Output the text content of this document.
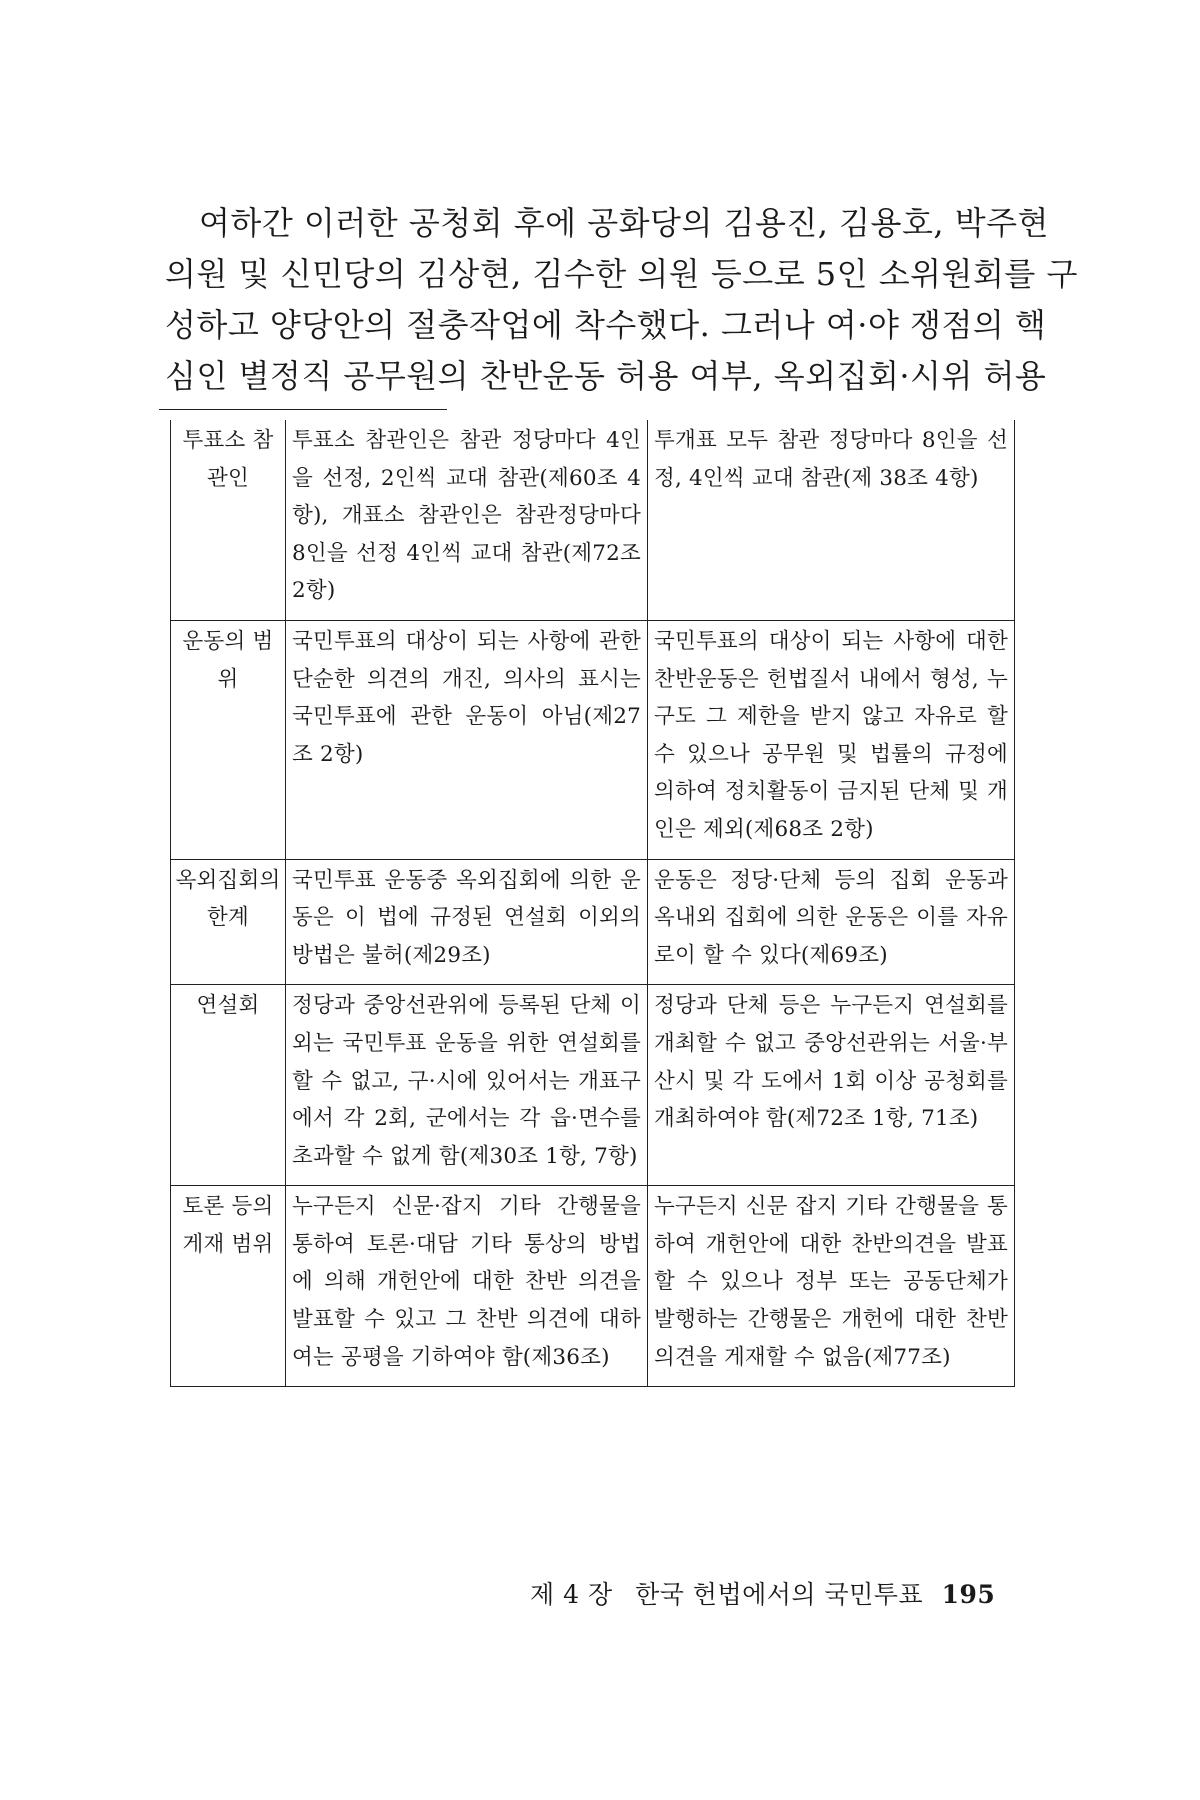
여하간 이러한 공청회 후에 공화당의 김용진, 김용호, 박주현
의원 및 신민당의 김상현, 김수한 의원 등으로 5인 소위원회를 구
성하고 양당안의 절충작업에 착수했다. 그러나 여·야 쟁점의 핵
심인 별정직 공무원의 찬반운동 허용 여부, 옥외집회·시위 허용
투표소 참관인	투표소 참관인은 참관 정당마다 4인을 선정, 2인씩 교대 참관(제60조 4항), 개표소 참관인은 참관정당마다 8인을 선정 4인씩 교대 참관(제72조 2항)	투개표 모두 참관 정당마다 8인을 선정, 4인씩 교대 참관(제 38조 4항)
운동의 범위	국민투표의 대상이 되는 사항에 관한 단순한 의견의 개진, 의사의 표시는 국민투표에 관한 운동이 아님(제27조 2항)	국민투표의 대상이 되는 사항에 대한 찬반운동은 헌법질서 내에서 형성, 누구도 그 제한을 받지 않고 자유로 할 수 있으나 공무원 및 법률의 규정에 의하여 정치활동이 금지된 단체 및 개인은 제외(제68조 2항)
옥외집회의 한계	국민투표 운동중 옥외집회에 의한 운동은 이 법에 규정된 연설회 이외의 방법은 불허(제29조)	운동은 정당·단체 등의 집회 운동과 옥내외 집회에 의한 운동은 이를 자유로이 할 수 있다(제69조)
연설회	정당과 중앙선관위에 등록된 단체 이외는 국민투표 운동을 위한 연설회를 할 수 없고, 구·시에 있어서는 개표구에서 각 2회, 군에서는 각 읍·면수를 초과할 수 없게 함(제30조 1항, 7항)	정당과 단체 등은 누구든지 연설회를 개최할 수 없고 중앙선관위는 서울·부산시 및 각 도에서 1회 이상 공청회를 개최하여야 함(제72조 1항, 71조)
토론 등의 게재 범위	누구든지 신문·잡지 기타 간행물을 통하여 토론·대담 기타 통상의 방법에 의해 개헌안에 대한 찬반 의견을 발표할 수 있고 그 찬반 의견에 대하여는 공평을 기하여야 함(제36조)	누구든지 신문 잡지 기타 간행물을 통하여 개헌안에 대한 찬반의견을 발표할 수 있으나 정부 또는 공동단체가 발행하는 간행물은 개헌에 대한 찬반의견을 게재할 수 없음(제77조)
제 4 장 한국 헌법에서의 국민투표 195
